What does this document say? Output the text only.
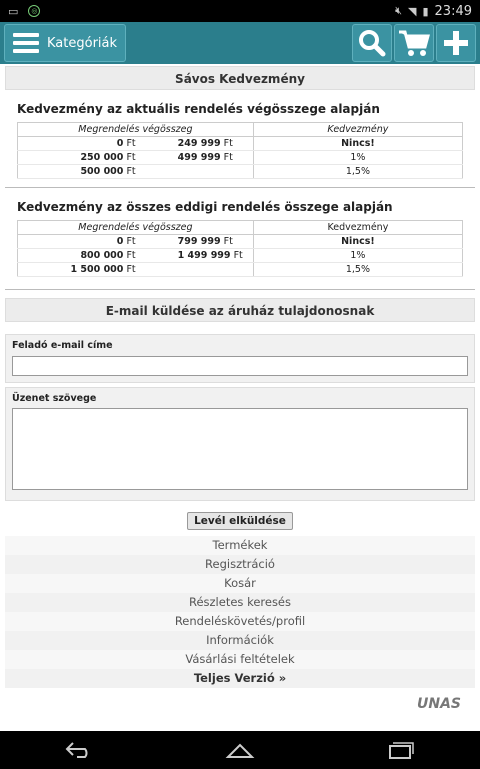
▭	◎	🔇︎ ◥ ▮ 23:49
Kategóriák
Sávos Kedvezmény
Kedvezmény az aktuális rendelés végösszege alapján
Megrendelés végösszeg		Kedvezmény
0 Ft	249 999 Ft	Nincs!
250 000 Ft	499 999 Ft	1%
500 000 Ft		1,5%
Kedvezmény az összes eddigi rendelés összege alapján
Megrendelés végösszeg		Kedvezmény
0 Ft	799 999 Ft	Nincs!
800 000 Ft	1 499 999 Ft	1%
1 500 000 Ft		1,5%
E-mail küldése az áruház tulajdonosnak
Feladó e-mail címe
Üzenet szövege
Levél elküldése
Termékek
Regisztráció
Kosár
Részletes keresés
Rendeléskövetés/profil
Információk
Vásárlási feltételek
Teljes Verzió »
UNAS
